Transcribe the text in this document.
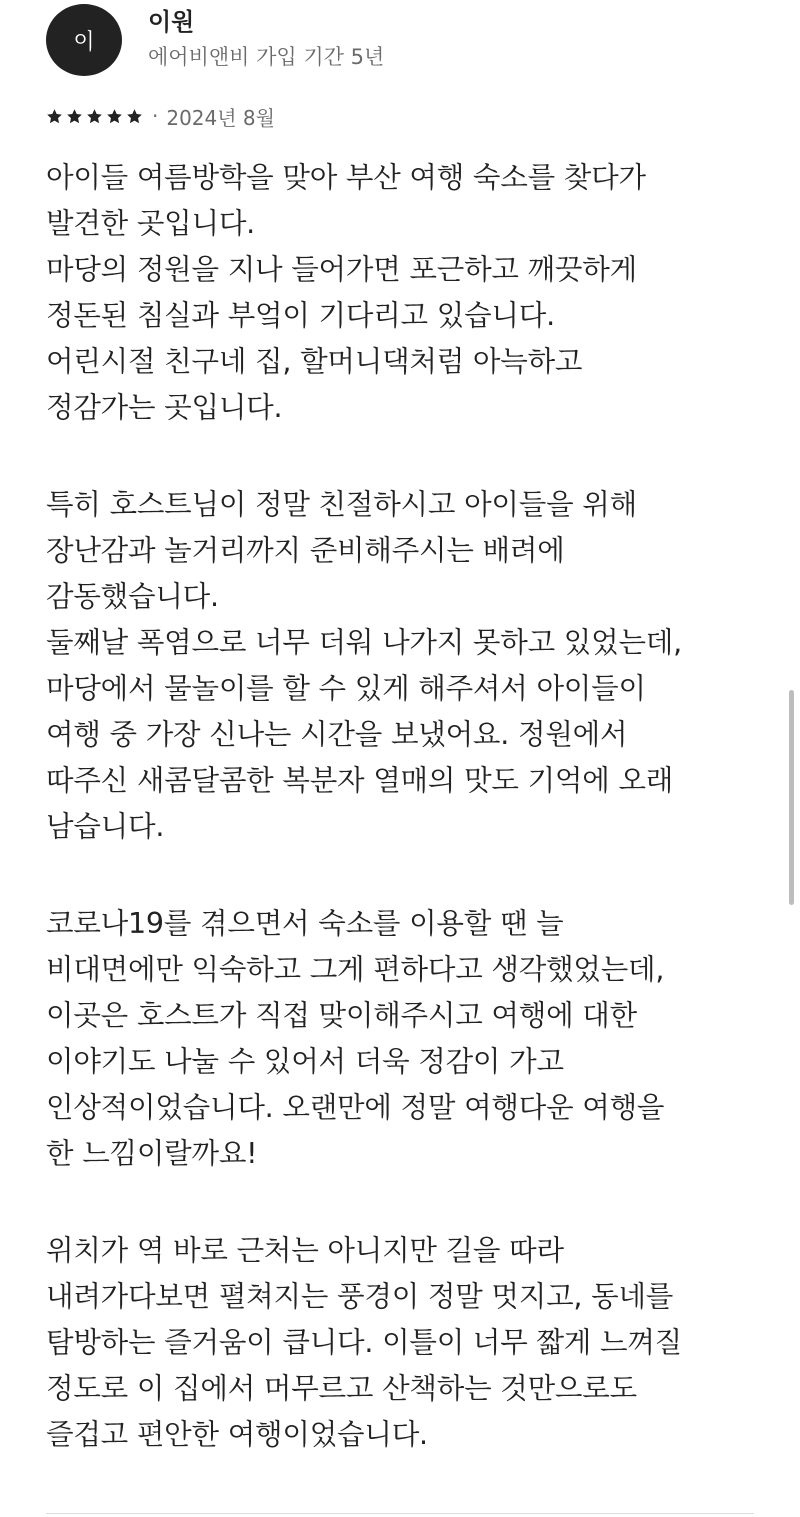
이
이원
에어비앤비 가입 기간 5년
· 2024년 8월
아이들 여름방학을 맞아 부산 여행 숙소를 찾다가
발견한 곳입니다.
마당의 정원을 지나 들어가면 포근하고 깨끗하게
정돈된 침실과 부엌이 기다리고 있습니다.
어린시절 친구네 집, 할머니댁처럼 아늑하고
정감가는 곳입니다.
특히 호스트님이 정말 친절하시고 아이들을 위해
장난감과 놀거리까지 준비해주시는 배려에
감동했습니다.
둘째날 폭염으로 너무 더워 나가지 못하고 있었는데,
마당에서 물놀이를 할 수 있게 해주셔서 아이들이
여행 중 가장 신나는 시간을 보냈어요. 정원에서
따주신 새콤달콤한 복분자 열매의 맛도 기억에 오래
남습니다.
코로나19를 겪으면서 숙소를 이용할 땐 늘
비대면에만 익숙하고 그게 편하다고 생각했었는데,
이곳은 호스트가 직접 맞이해주시고 여행에 대한
이야기도 나눌 수 있어서 더욱 정감이 가고
인상적이었습니다. 오랜만에 정말 여행다운 여행을
한 느낌이랄까요!
위치가 역 바로 근처는 아니지만 길을 따라
내려가다보면 펼쳐지는 풍경이 정말 멋지고, 동네를
탐방하는 즐거움이 큽니다. 이틀이 너무 짧게 느껴질
정도로 이 집에서 머무르고 산책하는 것만으로도
즐겁고 편안한 여행이었습니다.
